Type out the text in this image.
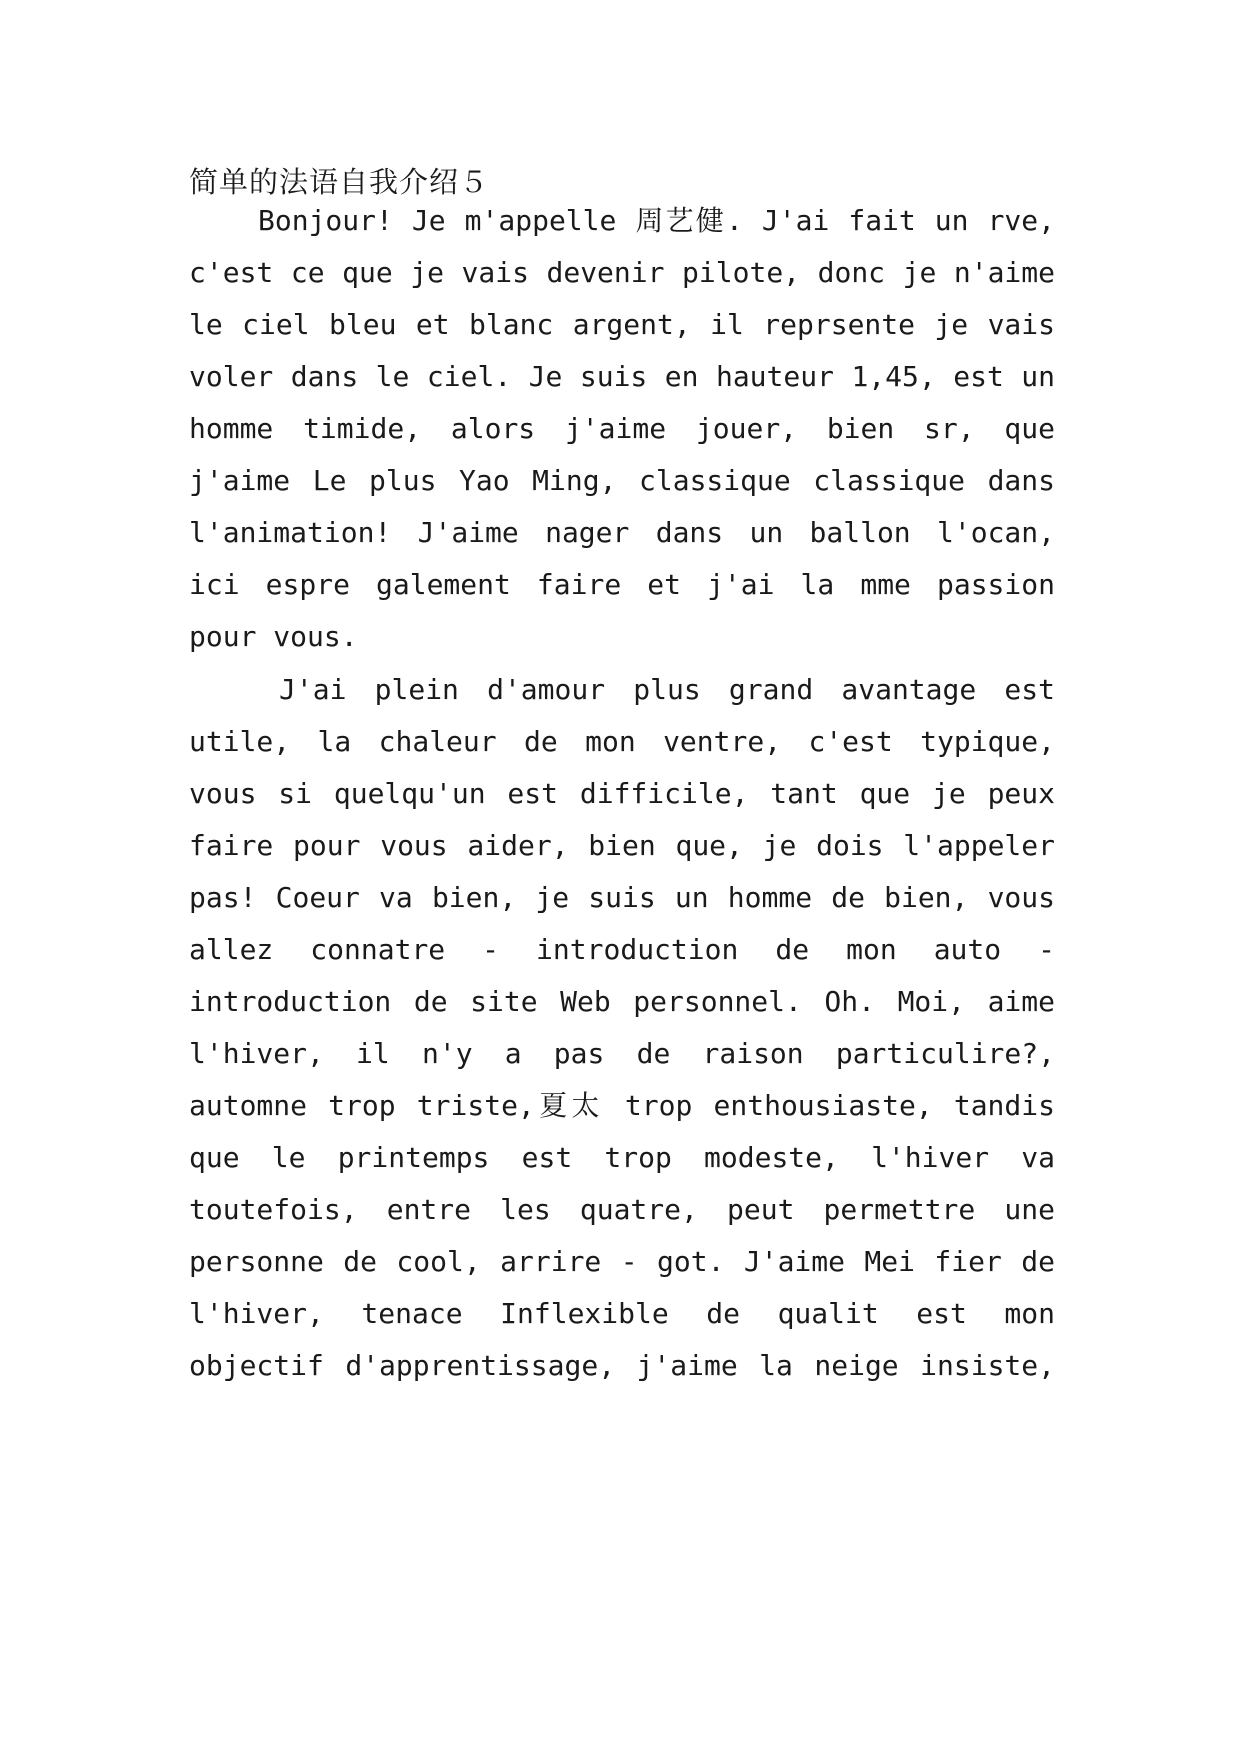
简单的法语自我介绍５
Bonjour! Je m'appelle 周艺健. J'ai fait un rve,
c'est ce que je vais devenir pilote, donc je n'aime
le ciel bleu et blanc argent, il reprsente je vais
voler dans le ciel. Je suis en hauteur 1,45, est un
homme timide, alors j'aime jouer, bien sr, que
j'aime Le plus Yao Ming, classique classique dans
l'animation! J'aime nager dans un ballon l'ocan,
ici espre galement faire et j'ai la mme passion
pour vous.
J'ai plein d'amour plus grand avantage est
utile, la chaleur de mon ventre, c'est typique,
vous si quelqu'un est difficile, tant que je peux
faire pour vous aider, bien que, je dois l'appeler
pas! Coeur va bien, je suis un homme de bien, vous
allez connatre - introduction de mon auto -
introduction de site Web personnel. Oh. Moi, aime
l'hiver, il n'y a pas de raison particulire?,
automne trop triste,夏太 trop enthousiaste, tandis
que le printemps est trop modeste, l'hiver va
toutefois, entre les quatre, peut permettre une
personne de cool, arrire - got. J'aime Mei fier de
l'hiver, tenace Inflexible de qualit est mon
objectif d'apprentissage, j'aime la neige insiste,
